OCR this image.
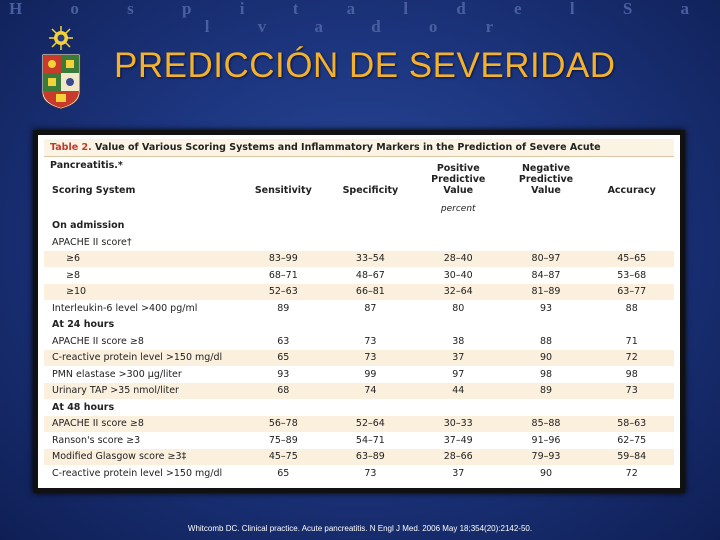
H o s p i t a l d e l S a l v a d o r
PREDICCIÓN DE SEVERIDAD
Table 2. Value of Various Scoring Systems and Inflammatory Markers in the Prediction of Severe Acute Pancreatitis.*
Scoring System	Sensitivity	Specificity	Positive Predictive Value	Negative Predictive Value	Accuracy
			percent		
On admission					
APACHE II score†					
≥6	83–99	33–54	28–40	80–97	45–65
≥8	68–71	48–67	30–40	84–87	53–68
≥10	52–63	66–81	32–64	81–89	63–77
Interleukin-6 level >400 pg/ml	89	87	80	93	88
At 24 hours					
APACHE II score ≥8	63	73	38	88	71
C-reactive protein level >150 mg/dl	65	73	37	90	72
PMN elastase >300 µg/liter	93	99	97	98	98
Urinary TAP >35 nmol/liter	68	74	44	89	73
At 48 hours					
APACHE II score ≥8	56–78	52–64	30–33	85–88	58–63
Ranson's score ≥3	75–89	54–71	37–49	91–96	62–75
Modified Glasgow score ≥3‡	45–75	63–89	28–66	79–93	59–84
C-reactive protein level >150 mg/dl	65	73	37	90	72
Whitcomb DC. Clinical practice. Acute pancreatitis. N Engl J Med. 2006 May 18;354(20):2142-50.
